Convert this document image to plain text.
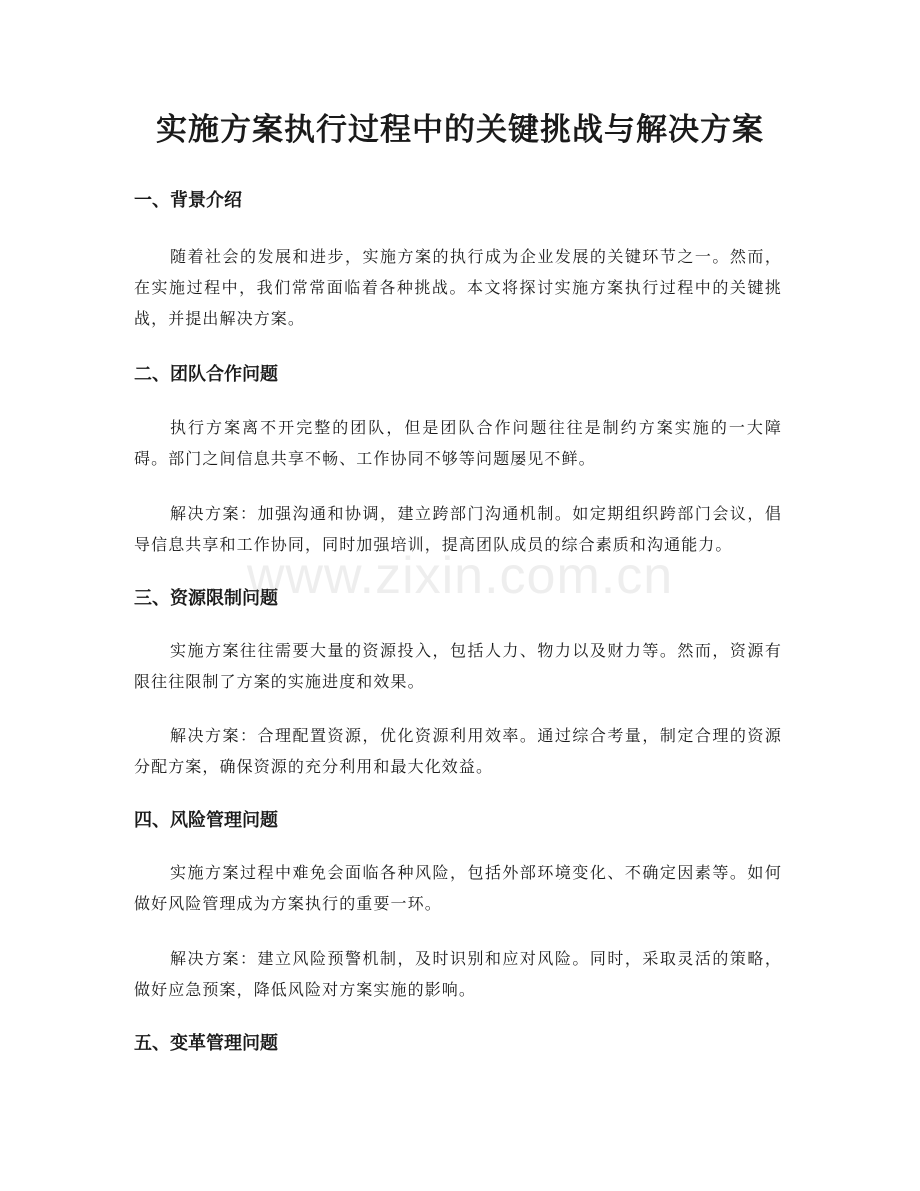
实施方案执行过程中的关键挑战与解决方案
一、背景介绍

随着社会的发展和进步，实施方案的执行成为企业发展的关键环节之一。然而，在实施过程中，我们常常面临着各种挑战。本文将探讨实施方案执行过程中的关键挑战，并提出解决方案。

二、团队合作问题

执行方案离不开完整的团队，但是团队合作问题往往是制约方案实施的一大障碍。部门之间信息共享不畅、工作协同不够等问题屡见不鲜。

解决方案：加强沟通和协调，建立跨部门沟通机制。如定期组织跨部门会议，倡导信息共享和工作协同，同时加强培训，提高团队成员的综合素质和沟通能力。

三、资源限制问题

实施方案往往需要大量的资源投入，包括人力、物力以及财力等。然而，资源有限往往限制了方案的实施进度和效果。

解决方案：合理配置资源，优化资源利用效率。通过综合考量，制定合理的资源分配方案，确保资源的充分利用和最大化效益。

四、风险管理问题

实施方案过程中难免会面临各种风险，包括外部环境变化、不确定因素等。如何做好风险管理成为方案执行的重要一环。

解决方案：建立风险预警机制，及时识别和应对风险。同时，采取灵活的策略，做好应急预案，降低风险对方案实施的影响。

五、变革管理问题
www.zixin.com.cn
